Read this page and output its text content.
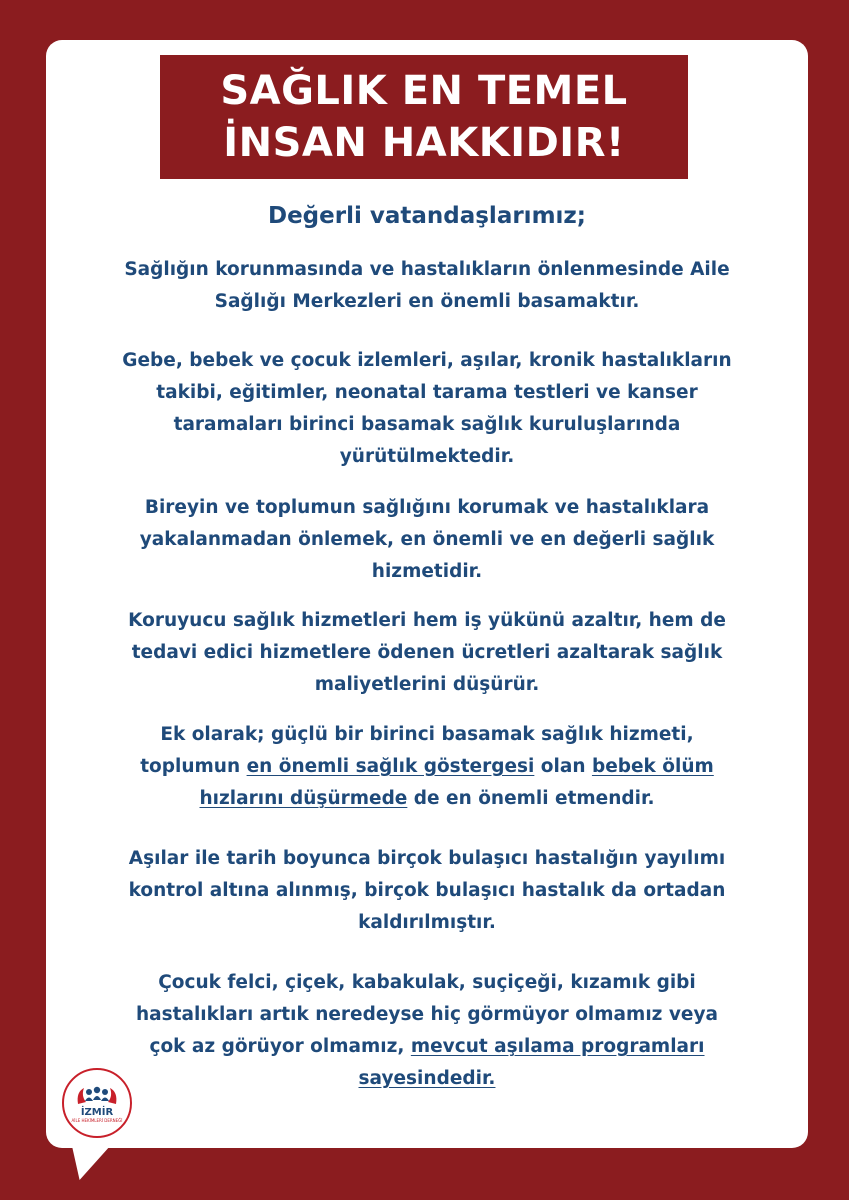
SAĞLIK EN TEMEL
İNSAN HAKKIDIR!
Değerli vatandaşlarımız;
Sağlığın korunmasında ve hastalıkların önlenmesinde Aile
Sağlığı Merkezleri en önemli basamaktır.
Gebe, bebek ve çocuk izlemleri, aşılar, kronik hastalıkların
takibi, eğitimler, neonatal tarama testleri ve kanser
taramaları birinci basamak sağlık kuruluşlarında
yürütülmektedir.
Bireyin ve toplumun sağlığını korumak ve hastalıklara
yakalanmadan önlemek, en önemli ve en değerli sağlık
hizmetidir.
Koruyucu sağlık hizmetleri hem iş yükünü azaltır, hem de
tedavi edici hizmetlere ödenen ücretleri azaltarak sağlık
maliyetlerini düşürür.
Ek olarak; güçlü bir birinci basamak sağlık hizmeti,
toplumun en önemli sağlık göstergesi olan bebek ölüm
hızlarını düşürmede de en önemli etmendir.
Aşılar ile tarih boyunca birçok bulaşıcı hastalığın yayılımı
kontrol altına alınmış, birçok bulaşıcı hastalık da ortadan
kaldırılmıştır.
Çocuk felci, çiçek, kabakulak, suçiçeği, kızamık gibi
hastalıkları artık neredeyse hiç görmüyor olmamız veya
çok az görüyor olmamız, mevcut aşılama programları
sayesindedir.
İZMİR
AİLE HEKİMLERİ DERNEĞİ
